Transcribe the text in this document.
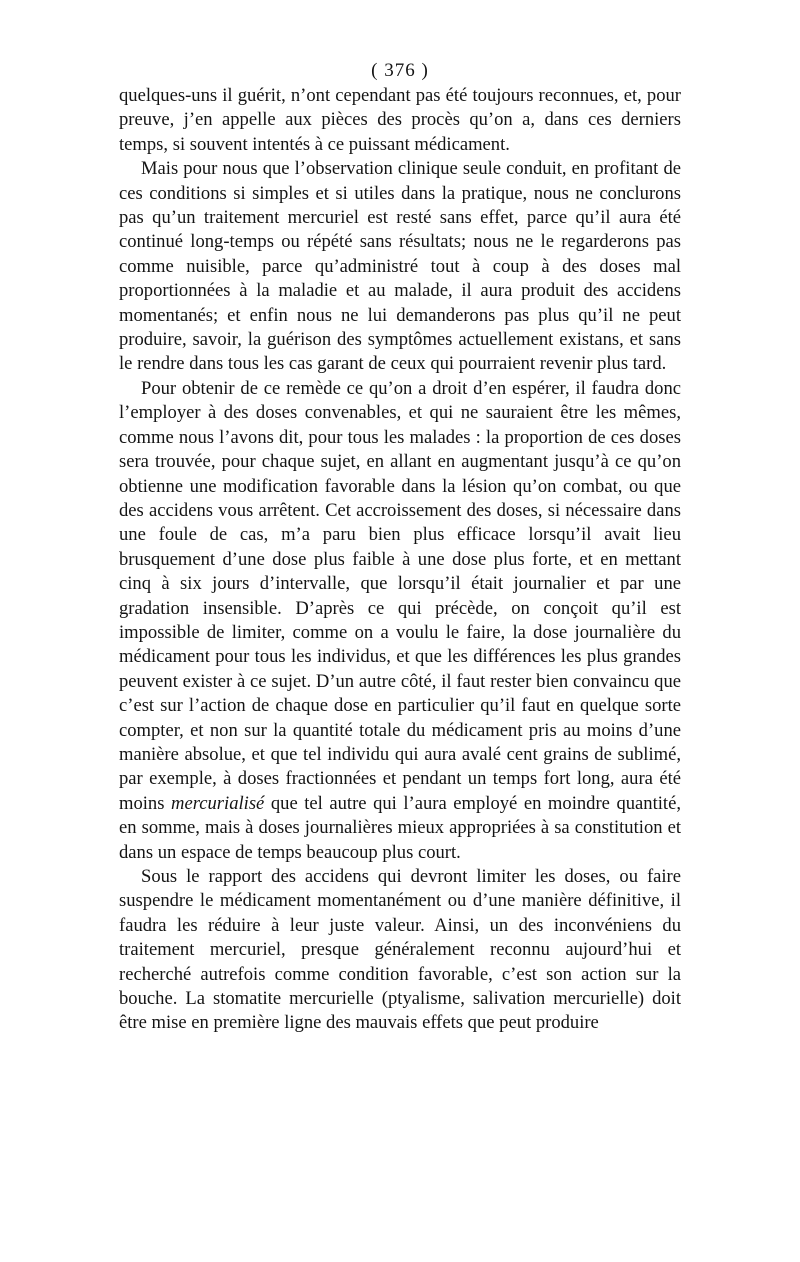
( 376 )

quelques-uns il guérit, n’ont cependant pas été toujours reconnues, et, pour preuve, j’en appelle aux pièces des procès qu’on a, dans ces derniers temps, si souvent intentés à ce puissant médicament.

Mais pour nous que l’observation clinique seule conduit, en profitant de ces conditions si simples et si utiles dans la pratique, nous ne conclurons pas qu’un traitement mercuriel est resté sans effet, parce qu’il aura été continué long-temps ou répété sans résultats; nous ne le regarderons pas comme nuisible, parce qu’administré tout à coup à des doses mal proportionnées à la maladie et au malade, il aura produit des accidens momentanés; et enfin nous ne lui demanderons pas plus qu’il ne peut produire, savoir, la guérison des symptômes actuellement existans, et sans le rendre dans tous les cas garant de ceux qui pourraient revenir plus tard.

Pour obtenir de ce remède ce qu’on a droit d’en espérer, il faudra donc l’employer à des doses convenables, et qui ne sauraient être les mêmes, comme nous l’avons dit, pour tous les malades : la proportion de ces doses sera trouvée, pour chaque sujet, en allant en augmentant jusqu’à ce qu’on obtienne une modification favorable dans la lésion qu’on combat, ou que des accidens vous arrêtent. Cet accroissement des doses, si nécessaire dans une foule de cas, m’a paru bien plus efficace lorsqu’il avait lieu brusquement d’une dose plus faible à une dose plus forte, et en mettant cinq à six jours d’intervalle, que lorsqu’il était journalier et par une gradation insensible. D’après ce qui précède, on conçoit qu’il est impossible de limiter, comme on a voulu le faire, la dose journalière du médicament pour tous les individus, et que les différences les plus grandes peuvent exister à ce sujet. D’un autre côté, il faut rester bien convaincu que c’est sur l’action de chaque dose en particulier qu’il faut en quelque sorte compter, et non sur la quantité totale du médicament pris au moins d’une manière absolue, et que tel individu qui aura avalé cent grains de sublimé, par exemple, à doses fractionnées et pendant un temps fort long, aura été moins mercurialisé que tel autre qui l’aura employé en moindre quantité, en somme, mais à doses journalières mieux appropriées à sa constitution et dans un espace de temps beaucoup plus court.

Sous le rapport des accidens qui devront limiter les doses, ou faire suspendre le médicament momentanément ou d’une manière définitive, il faudra les réduire à leur juste valeur. Ainsi, un des inconvéniens du traitement mercuriel, presque généralement reconnu aujourd’hui et recherché autrefois comme condition favorable, c’est son action sur la bouche. La stomatite mercurielle (ptyalisme, salivation mercurielle) doit être mise en première ligne des mauvais effets que peut produire
